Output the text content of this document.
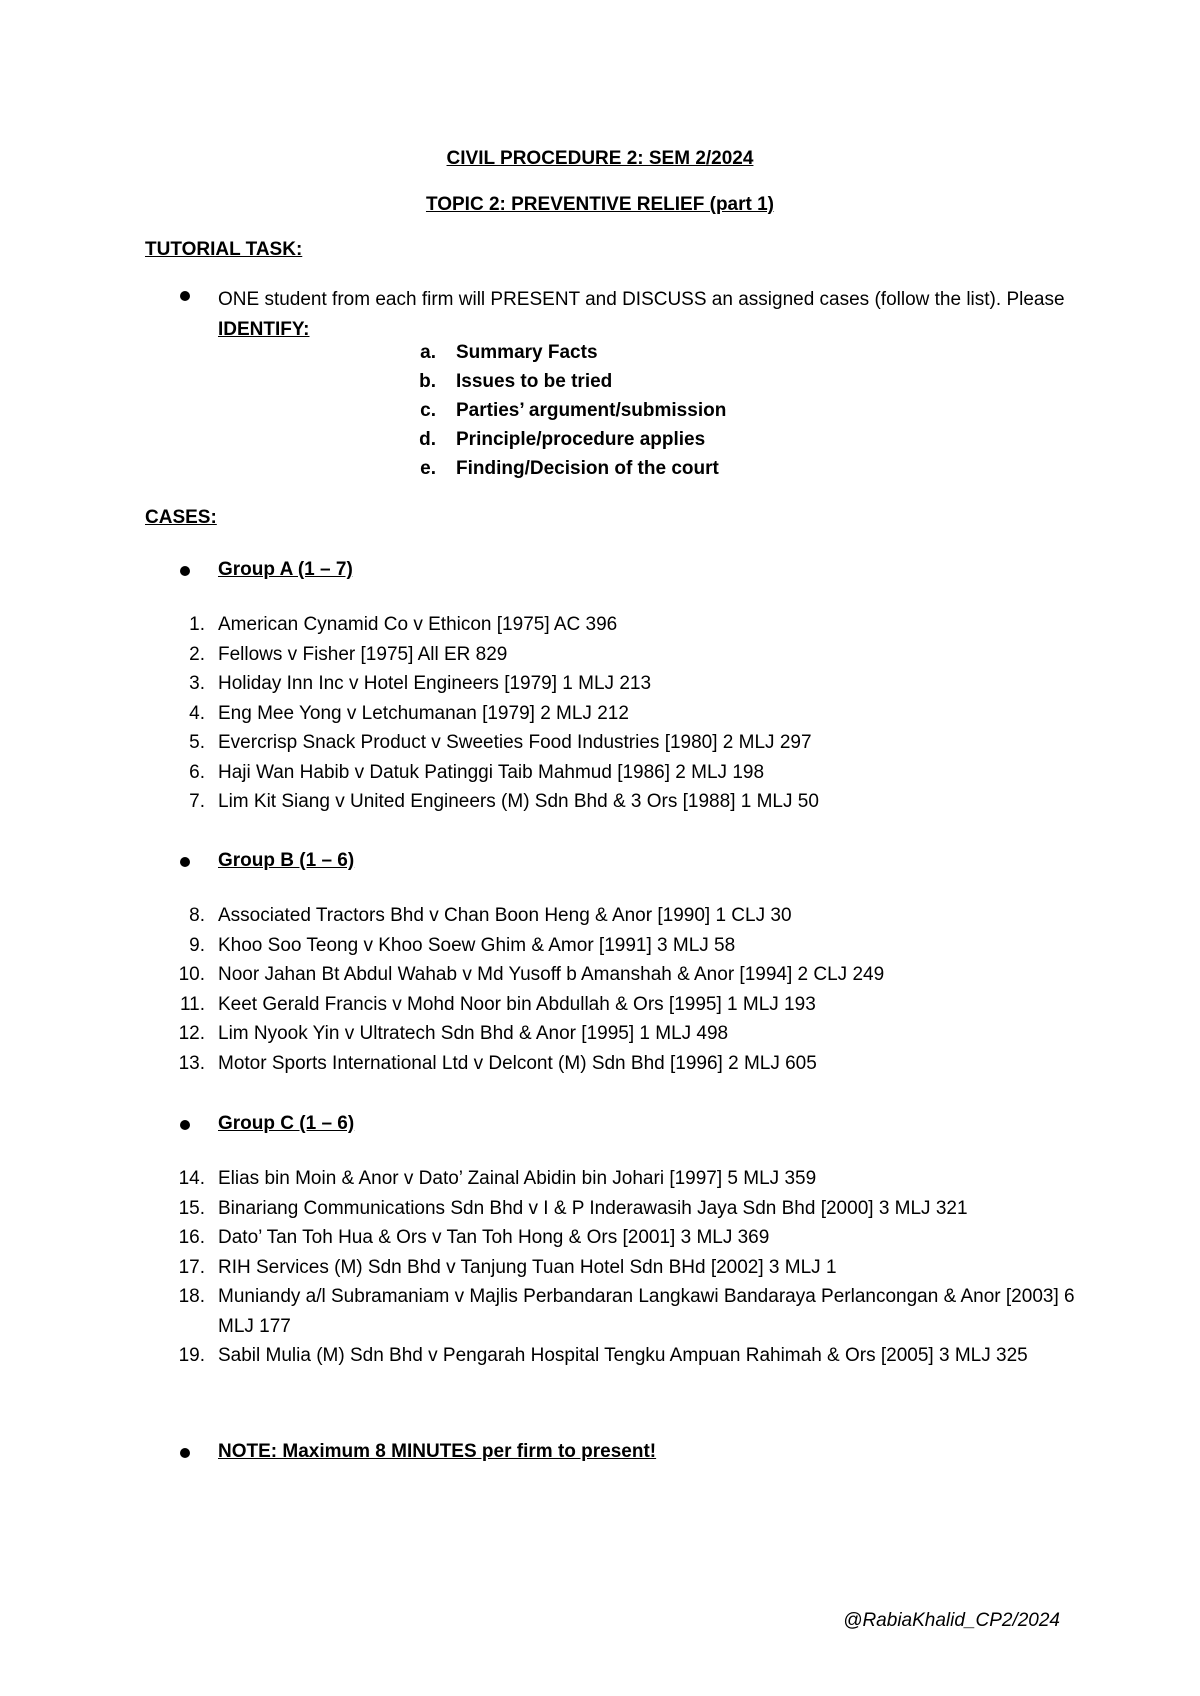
CIVIL PROCEDURE 2: SEM 2/2024
TOPIC 2: PREVENTIVE RELIEF (part 1)
TUTORIAL TASK:
ONE student from each firm will PRESENT and DISCUSS an assigned cases (follow the list). Please IDENTIFY:
a. Summary Facts
b. Issues to be tried
c. Parties’ argument/submission
d. Principle/procedure applies
e. Finding/Decision of the court
CASES:
Group A (1 – 7)
1. American Cynamid Co v Ethicon [1975] AC 396
2. Fellows v Fisher [1975] All ER 829
3. Holiday Inn Inc v Hotel Engineers [1979] 1 MLJ 213
4. Eng Mee Yong v Letchumanan [1979] 2 MLJ 212
5. Evercrisp Snack Product v Sweeties Food Industries [1980] 2 MLJ 297
6. Haji Wan Habib v Datuk Patinggi Taib Mahmud [1986] 2 MLJ 198
7. Lim Kit Siang v United Engineers (M) Sdn Bhd & 3 Ors [1988] 1 MLJ 50
Group B (1 – 6)
8. Associated Tractors Bhd v Chan Boon Heng & Anor [1990] 1 CLJ 30
9. Khoo Soo Teong v Khoo Soew Ghim & Amor [1991] 3 MLJ 58
10. Noor Jahan Bt Abdul Wahab v Md Yusoff b Amanshah & Anor [1994] 2 CLJ 249
11. Keet Gerald Francis v Mohd Noor bin Abdullah & Ors [1995] 1 MLJ 193
12. Lim Nyook Yin v Ultratech Sdn Bhd & Anor [1995] 1 MLJ 498
13. Motor Sports International Ltd v Delcont (M) Sdn Bhd [1996] 2 MLJ 605
Group C (1 – 6)
14. Elias bin Moin & Anor v Dato’ Zainal Abidin bin Johari [1997] 5 MLJ 359
15. Binariang Communications Sdn Bhd v I & P Inderawasih Jaya Sdn Bhd [2000] 3 MLJ 321
16. Dato’ Tan Toh Hua & Ors v Tan Toh Hong & Ors [2001] 3 MLJ 369
17. RIH Services (M) Sdn Bhd v Tanjung Tuan Hotel Sdn BHd [2002] 3 MLJ 1
18. Muniandy a/l Subramaniam v Majlis Perbandaran Langkawi Bandaraya Perlancongan & Anor [2003] 6 MLJ 177
19. Sabil Mulia (M) Sdn Bhd v Pengarah Hospital Tengku Ampuan Rahimah & Ors [2005] 3 MLJ 325
NOTE: Maximum 8 MINUTES per firm to present!
@RabiaKhalid_CP2/2024
